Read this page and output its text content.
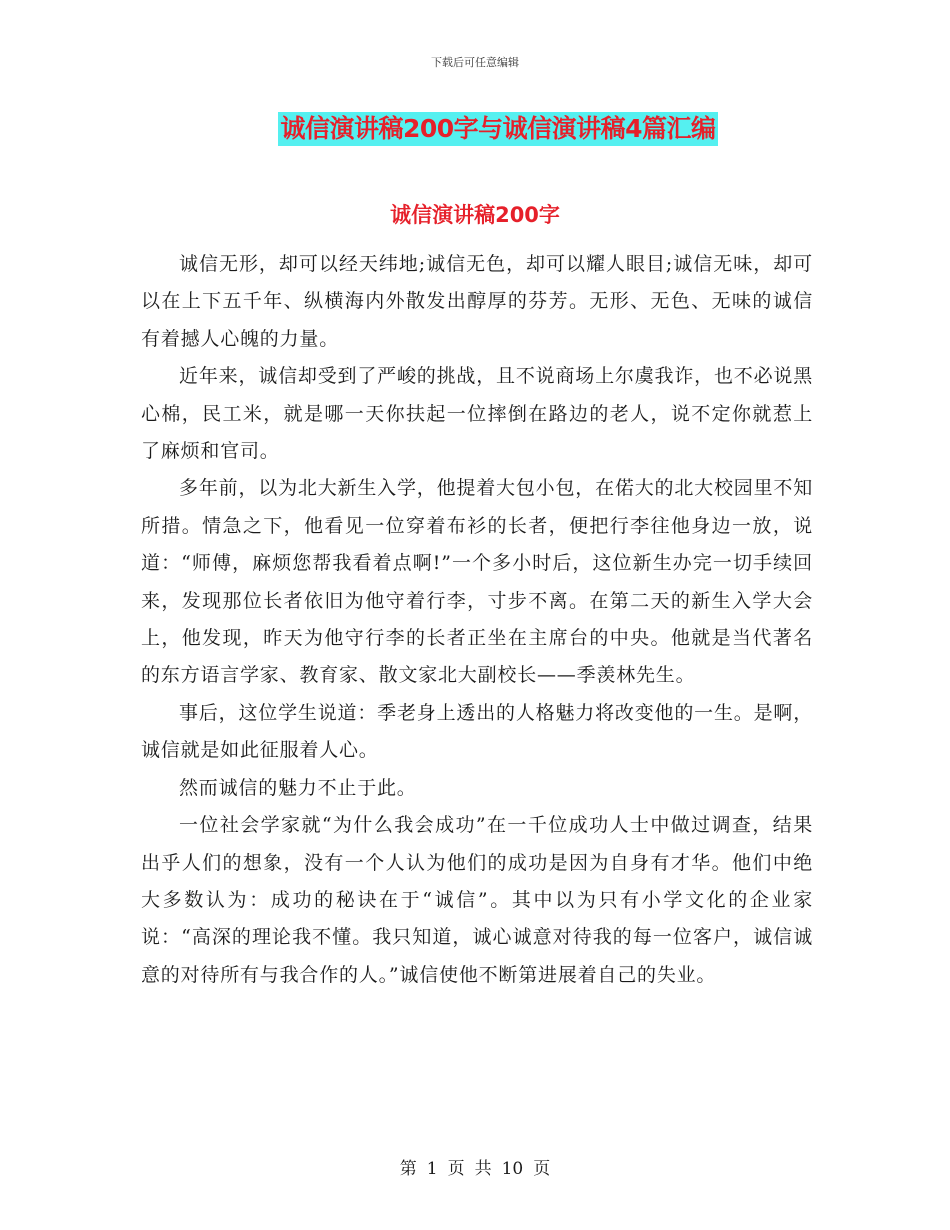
下载后可任意编辑
诚信演讲稿200字与诚信演讲稿4篇汇编
诚信演讲稿200字

诚信无形，却可以经天纬地;诚信无色，却可以耀人眼目;诚信无味，却可以在上下五千年、纵横海内外散发出醇厚的芬芳。无形、无色、无味的诚信有着撼人心魄的力量。

近年来，诚信却受到了严峻的挑战，且不说商场上尔虞我诈，也不必说黑心棉，民工米，就是哪一天你扶起一位摔倒在路边的老人，说不定你就惹上了麻烦和官司。

多年前，以为北大新生入学，他提着大包小包，在偌大的北大校园里不知所措。情急之下，他看见一位穿着布衫的长者，便把行李往他身边一放，说道：“师傅，麻烦您帮我看着点啊!”一个多小时后，这位新生办完一切手续回来，发现那位长者依旧为他守着行李，寸步不离。在第二天的新生入学大会上，他发现，昨天为他守行李的长者正坐在主席台的中央。他就是当代著名的东方语言学家、教育家、散文家北大副校长——季羡林先生。

事后，这位学生说道：季老身上透出的人格魅力将改变他的一生。是啊，诚信就是如此征服着人心。

然而诚信的魅力不止于此。

一位社会学家就“为什么我会成功”在一千位成功人士中做过调查，结果出乎人们的想象，没有一个人认为他们的成功是因为自身有才华。他们中绝大多数认为：成功的秘诀在于“诚信”。其中以为只有小学文化的企业家说：“高深的理论我不懂。我只知道，诚心诚意对待我的每一位客户，诚信诚意的对待所有与我合作的人。”诚信使他不断第进展着自己的失业。

第 1 页 共 10 页
